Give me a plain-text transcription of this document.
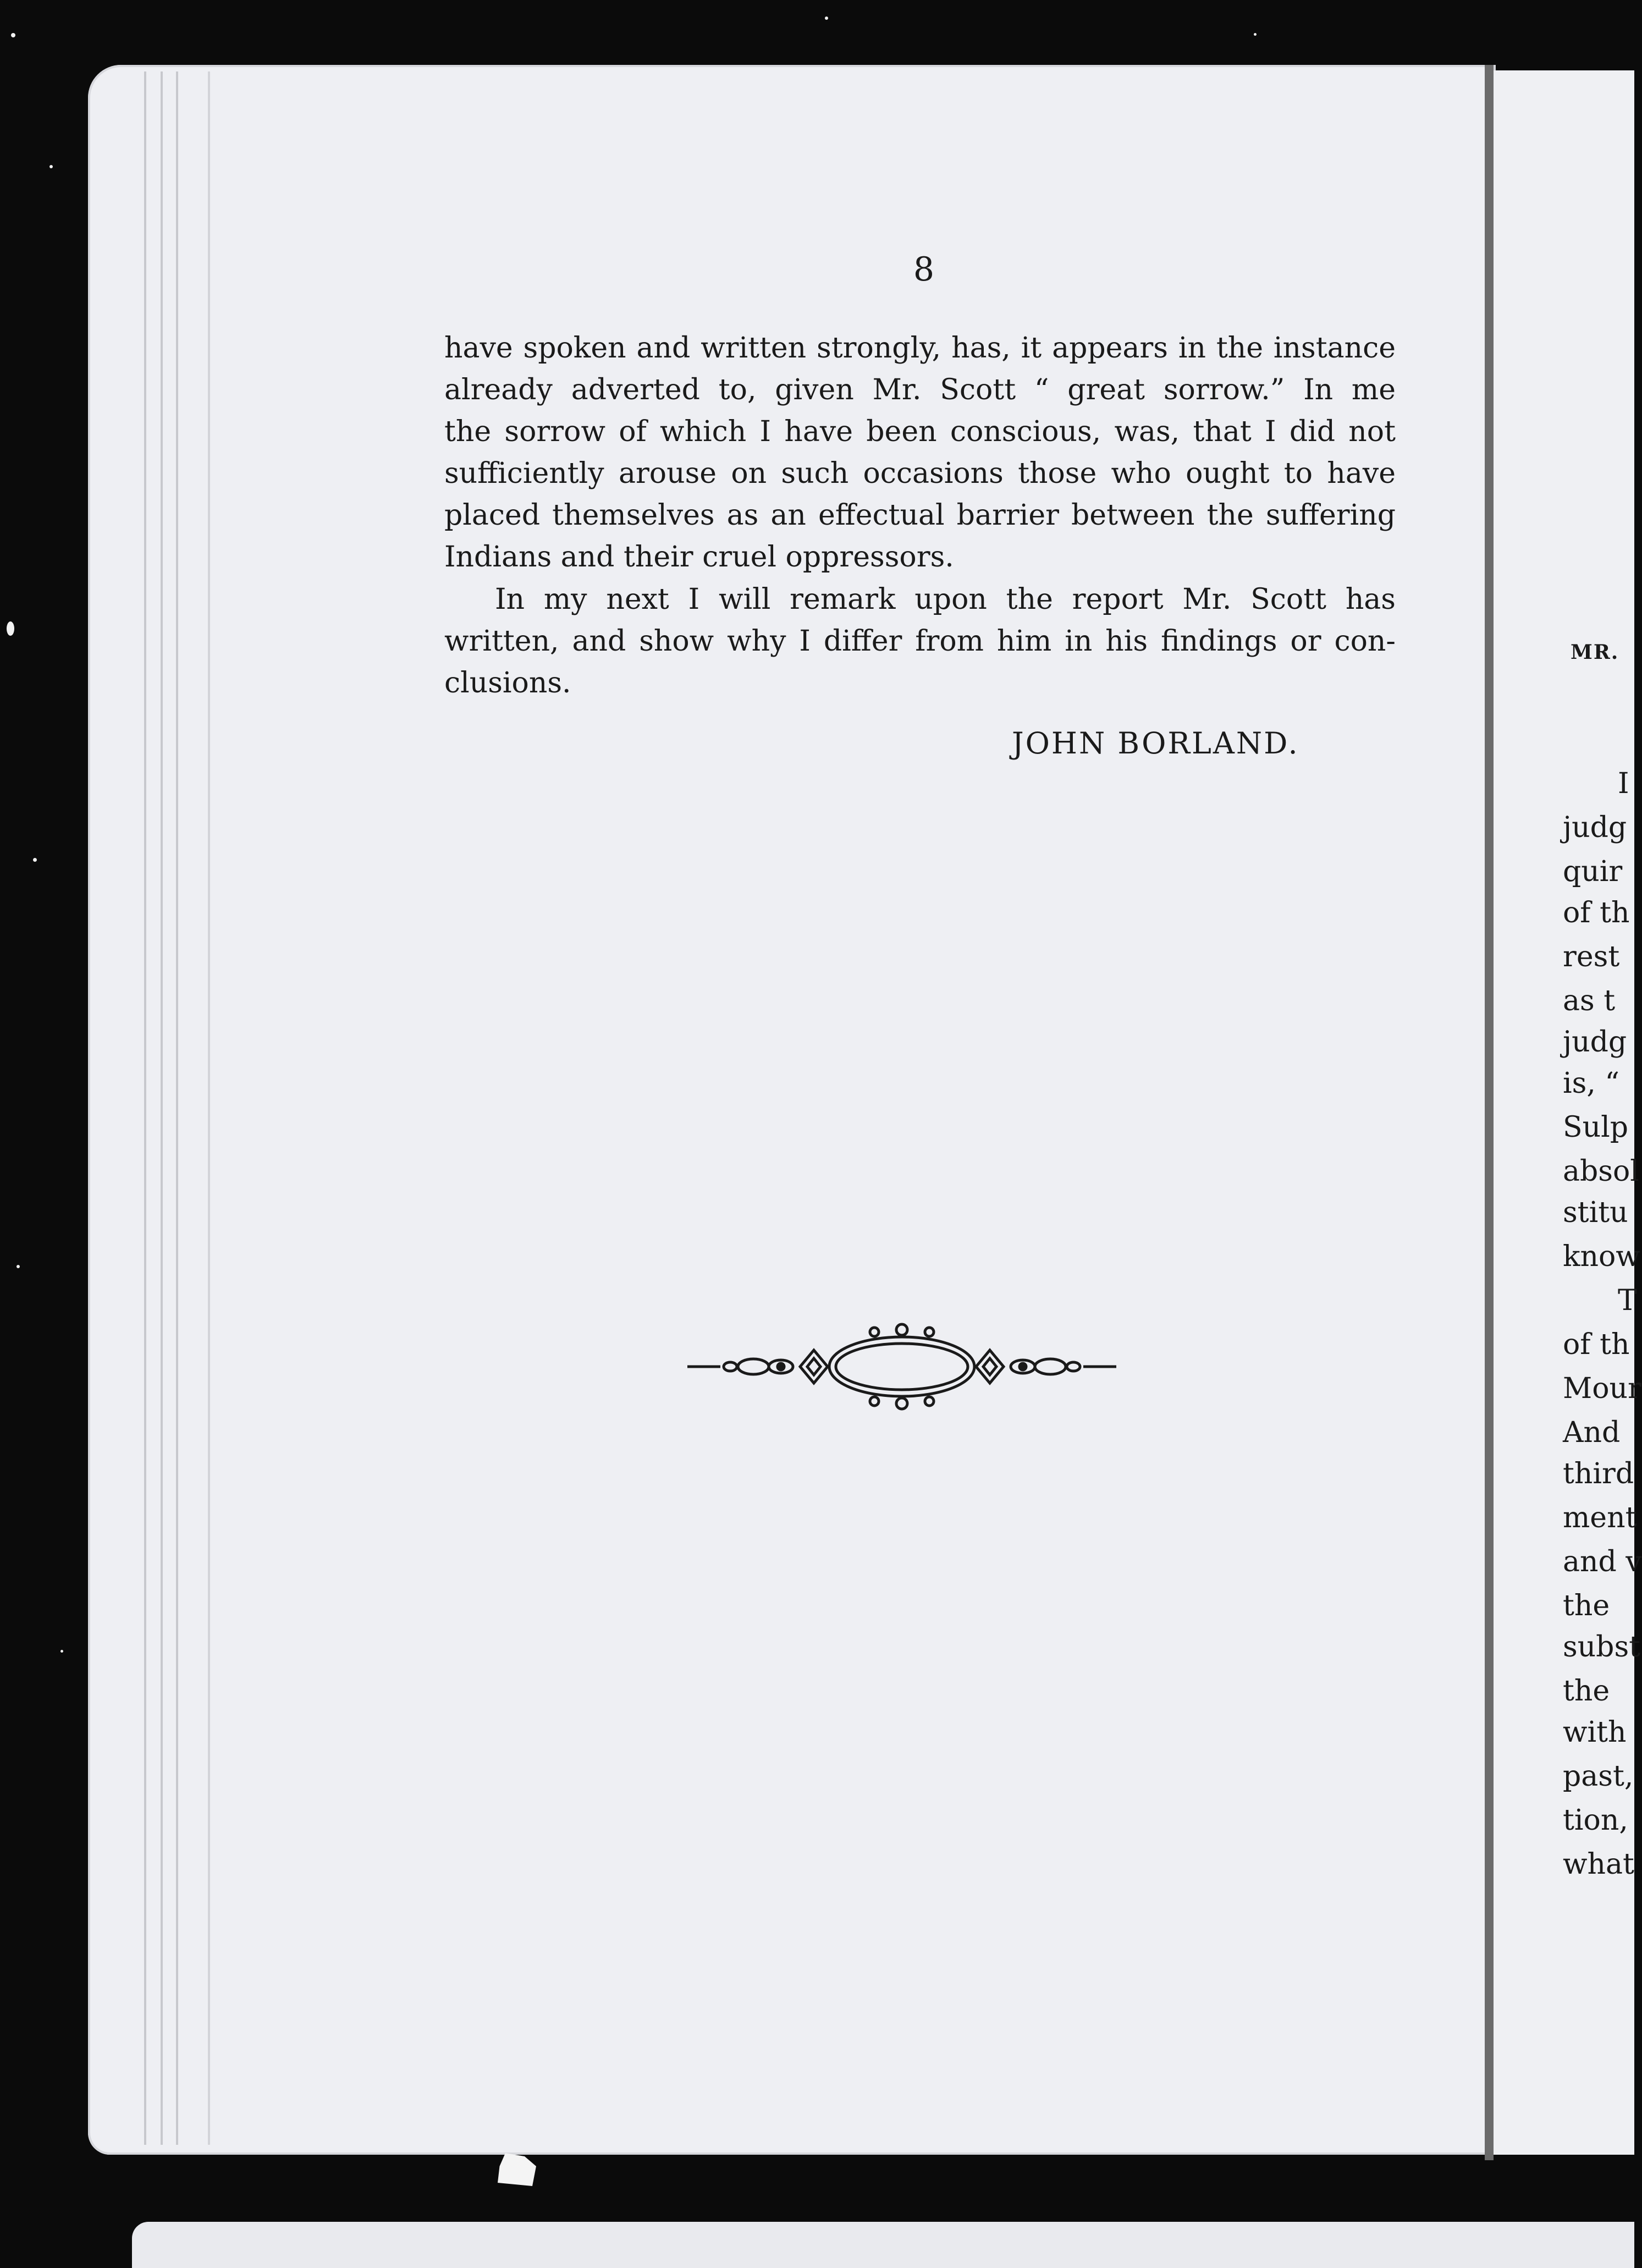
8
have spoken and written strongly, has, it appears in the instance
already adverted to, given Mr. Scott “ great sorrow.” In me
the sorrow of which I have been conscious, was, that I did not
sufficiently arouse on such occasions those who ought to have
placed themselves as an effectual barrier between the suffering
Indians and their cruel oppressors.
In my next I will remark upon the report Mr. Scott has
written, and show why I differ from him in his findings or con-
clusions.
JOHN BORLAND.
MR.
I
judg
quir
of th
rest
as t
judg
is, “
Sulp
absol
stitu
know
T
of th
Mour
And
third
ment
and v
the
subst
the
with
past,
tion,
what
